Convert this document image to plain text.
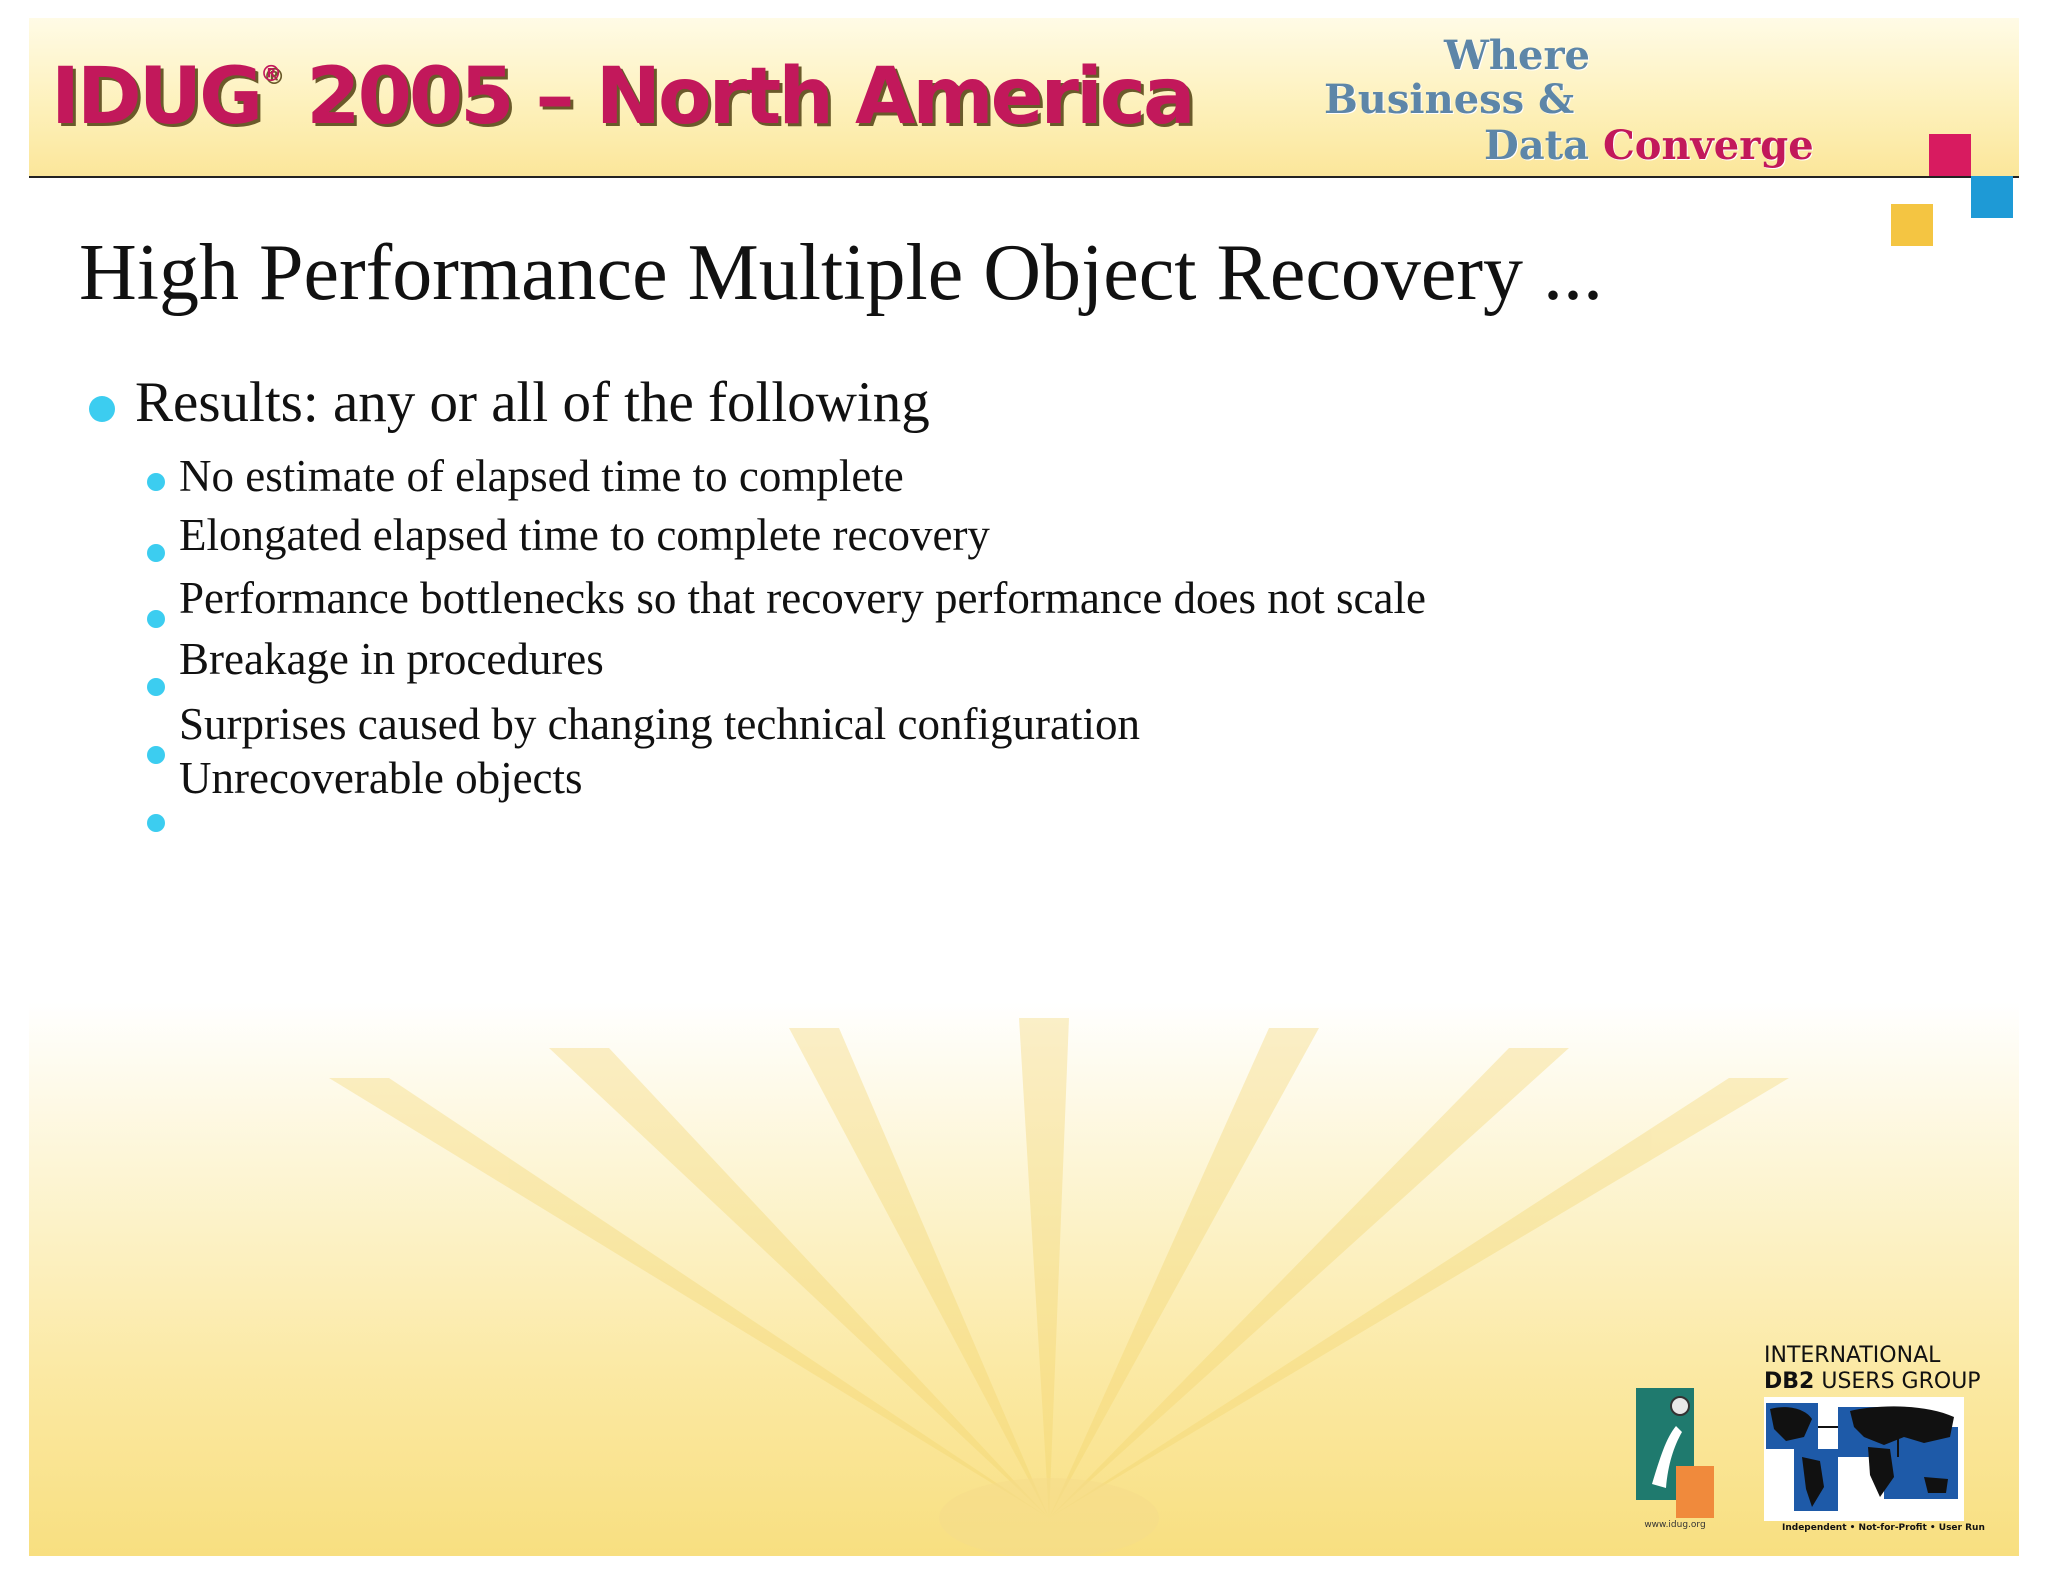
IDUG® 2005 – North America	Where
Business &
Data Converge
High Performance Multiple Object Recovery ...
Results: any or all of the following
No estimate of elapsed time to complete
Elongated elapsed time to complete recovery
Performance bottlenecks so that recovery performance does not scale
Breakage in procedures
Surprises caused by changing technical configuration
Unrecoverable objects
www.idug.org
INTERNATIONAL
DB2 USERS GROUP
Independent • Not-for-Profit • User Run
